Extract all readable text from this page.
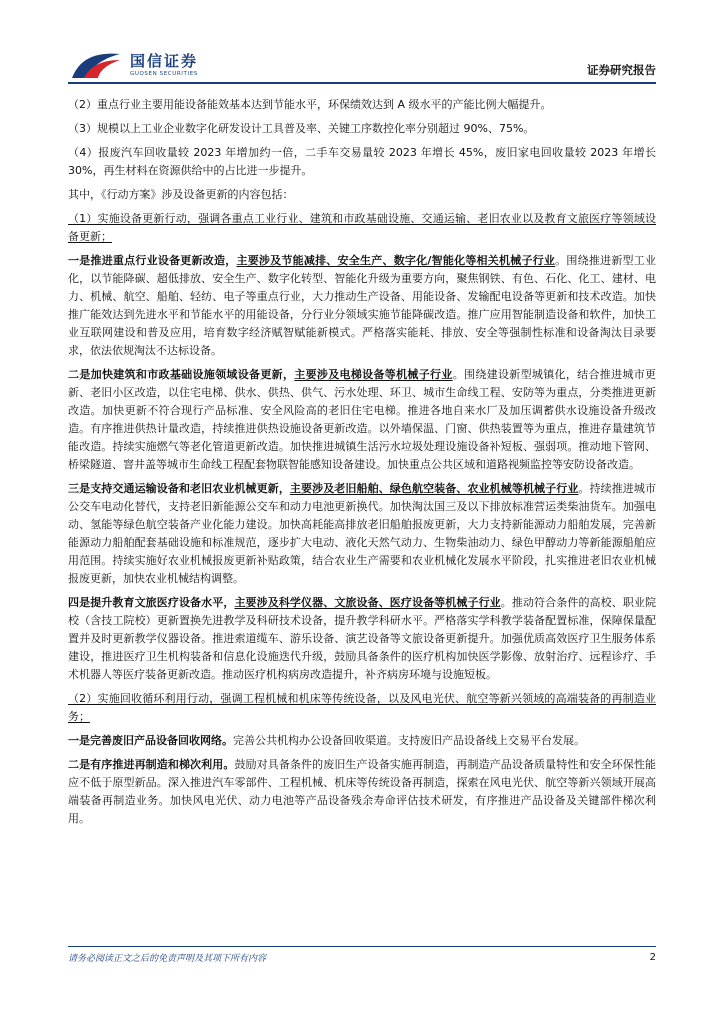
国信证券
GUOSEN SECURITIES	证券研究报告

（2）重点行业主要用能设备能效基本达到节能水平，环保绩效达到 A 级水平的产能比例大幅提升。

（3）规模以上工业企业数字化研发设计工具普及率、关键工序数控化率分别超过 90%、75%。

（4）报废汽车回收量较 2023 年增加约一倍，二手车交易量较 2023 年增长 45%，废旧家电回收量较 2023 年增长 30%，再生材料在资源供给中的占比进一步提升。

其中，《行动方案》涉及设备更新的内容包括：

（1）实施设备更新行动，强调各重点工业行业、建筑和市政基础设施、交通运输、老旧农业以及教育文旅医疗等领域设备更新；

一是推进重点行业设备更新改造，主要涉及节能减排、安全生产、数字化/智能化等相关机械子行业。围绕推进新型工业化，以节能降碳、超低排放、安全生产、数字化转型、智能化升级为重要方向，聚焦钢铁、有色、石化、化工、建材、电力、机械、航空、船舶、轻纺、电子等重点行业，大力推动生产设备、用能设备、发输配电设备等更新和技术改造。加快推广能效达到先进水平和节能水平的用能设备，分行业分领域实施节能降碳改造。推广应用智能制造设备和软件，加快工业互联网建设和普及应用，培育数字经济赋智赋能新模式。严格落实能耗、排放、安全等强制性标准和设备淘汰目录要求，依法依规淘汰不达标设备。

二是加快建筑和市政基础设施领域设备更新，主要涉及电梯设备等机械子行业。围绕建设新型城镇化，结合推进城市更新、老旧小区改造，以住宅电梯、供水、供热、供气、污水处理、环卫、城市生命线工程、安防等为重点，分类推进更新改造。加快更新不符合现行产品标准、安全风险高的老旧住宅电梯。推进各地自来水厂及加压调蓄供水设施设备升级改造。有序推进供热计量改造，持续推进供热设施设备更新改造。以外墙保温、门窗、供热装置等为重点，推进存量建筑节能改造。持续实施燃气等老化管道更新改造。加快推进城镇生活污水垃圾处理设施设备补短板、强弱项。推动地下管网、桥梁隧道、窨井盖等城市生命线工程配套物联智能感知设备建设。加快重点公共区域和道路视频监控等安防设备改造。

三是支持交通运输设备和老旧农业机械更新，主要涉及老旧船舶、绿色航空装备、农业机械等机械子行业。持续推进城市公交车电动化替代，支持老旧新能源公交车和动力电池更新换代。加快淘汰国三及以下排放标准营运类柴油货车。加强电动、氢能等绿色航空装备产业化能力建设。加快高耗能高排放老旧船舶报废更新，大力支持新能源动力船舶发展，完善新能源动力船舶配套基础设施和标准规范，逐步扩大电动、液化天然气动力、生物柴油动力、绿色甲醇动力等新能源船舶应用范围。持续实施好农业机械报废更新补贴政策，结合农业生产需要和农业机械化发展水平阶段，扎实推进老旧农业机械报废更新，加快农业机械结构调整。

四是提升教育文旅医疗设备水平，主要涉及科学仪器、文旅设备、医疗设备等机械子行业。推动符合条件的高校、职业院校（含技工院校）更新置换先进教学及科研技术设备，提升教学科研水平。严格落实学科教学装备配置标准，保障保量配置并及时更新教学仪器设备。推进索道缆车、游乐设备、演艺设备等文旅设备更新提升。加强优质高效医疗卫生服务体系建设，推进医疗卫生机构装备和信息化设施迭代升级，鼓励具备条件的医疗机构加快医学影像、放射治疗、远程诊疗、手术机器人等医疗装备更新改造。推动医疗机构病房改造提升，补齐病房环境与设施短板。

（2）实施回收循环利用行动，强调工程机械和机床等传统设备，以及风电光伏、航空等新兴领域的高端装备的再制造业务；

一是完善废旧产品设备回收网络。完善公共机构办公设备回收渠道。支持废旧产品设备线上交易平台发展。

二是有序推进再制造和梯次利用。鼓励对具备条件的废旧生产设备实施再制造，再制造产品设备质量特性和安全环保性能应不低于原型新品。深入推进汽车零部件、工程机械、机床等传统设备再制造，探索在风电光伏、航空等新兴领域开展高端装备再制造业务。加快风电光伏、动力电池等产品设备残余寿命评估技术研发，有序推进产品设备及关键部件梯次利用。

请务必阅读正文之后的免责声明及其项下所有内容	2
